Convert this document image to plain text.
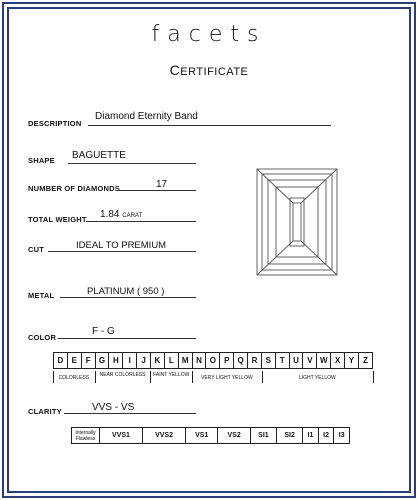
facets
CERTIFICATE
DESCRIPTION
Diamond Eternity Band
SHAPE BAGUETTE
NUMBER OF DIAMONDS	17
TOTAL WEIGHT 1.84 CARAT
CUT	IDEAL TO PREMIUM
METAL	PLATINUM ( 950 )
COLOR
F - G
D	E	F	G	H	I	J	K	L	M	N	O	P	Q	R	S	T	U	V	W	X	Y	Z
COLORLESS	NEAR COLORLESS	FAINT YELLOW	VERY LIGHT YELLOW	LIGHT YELLOW
CLARITY	VVS - VS
Internally Flawless	VVS1	VVS2	VS1	VS2	SI1	SI2	I1	I2	I3
